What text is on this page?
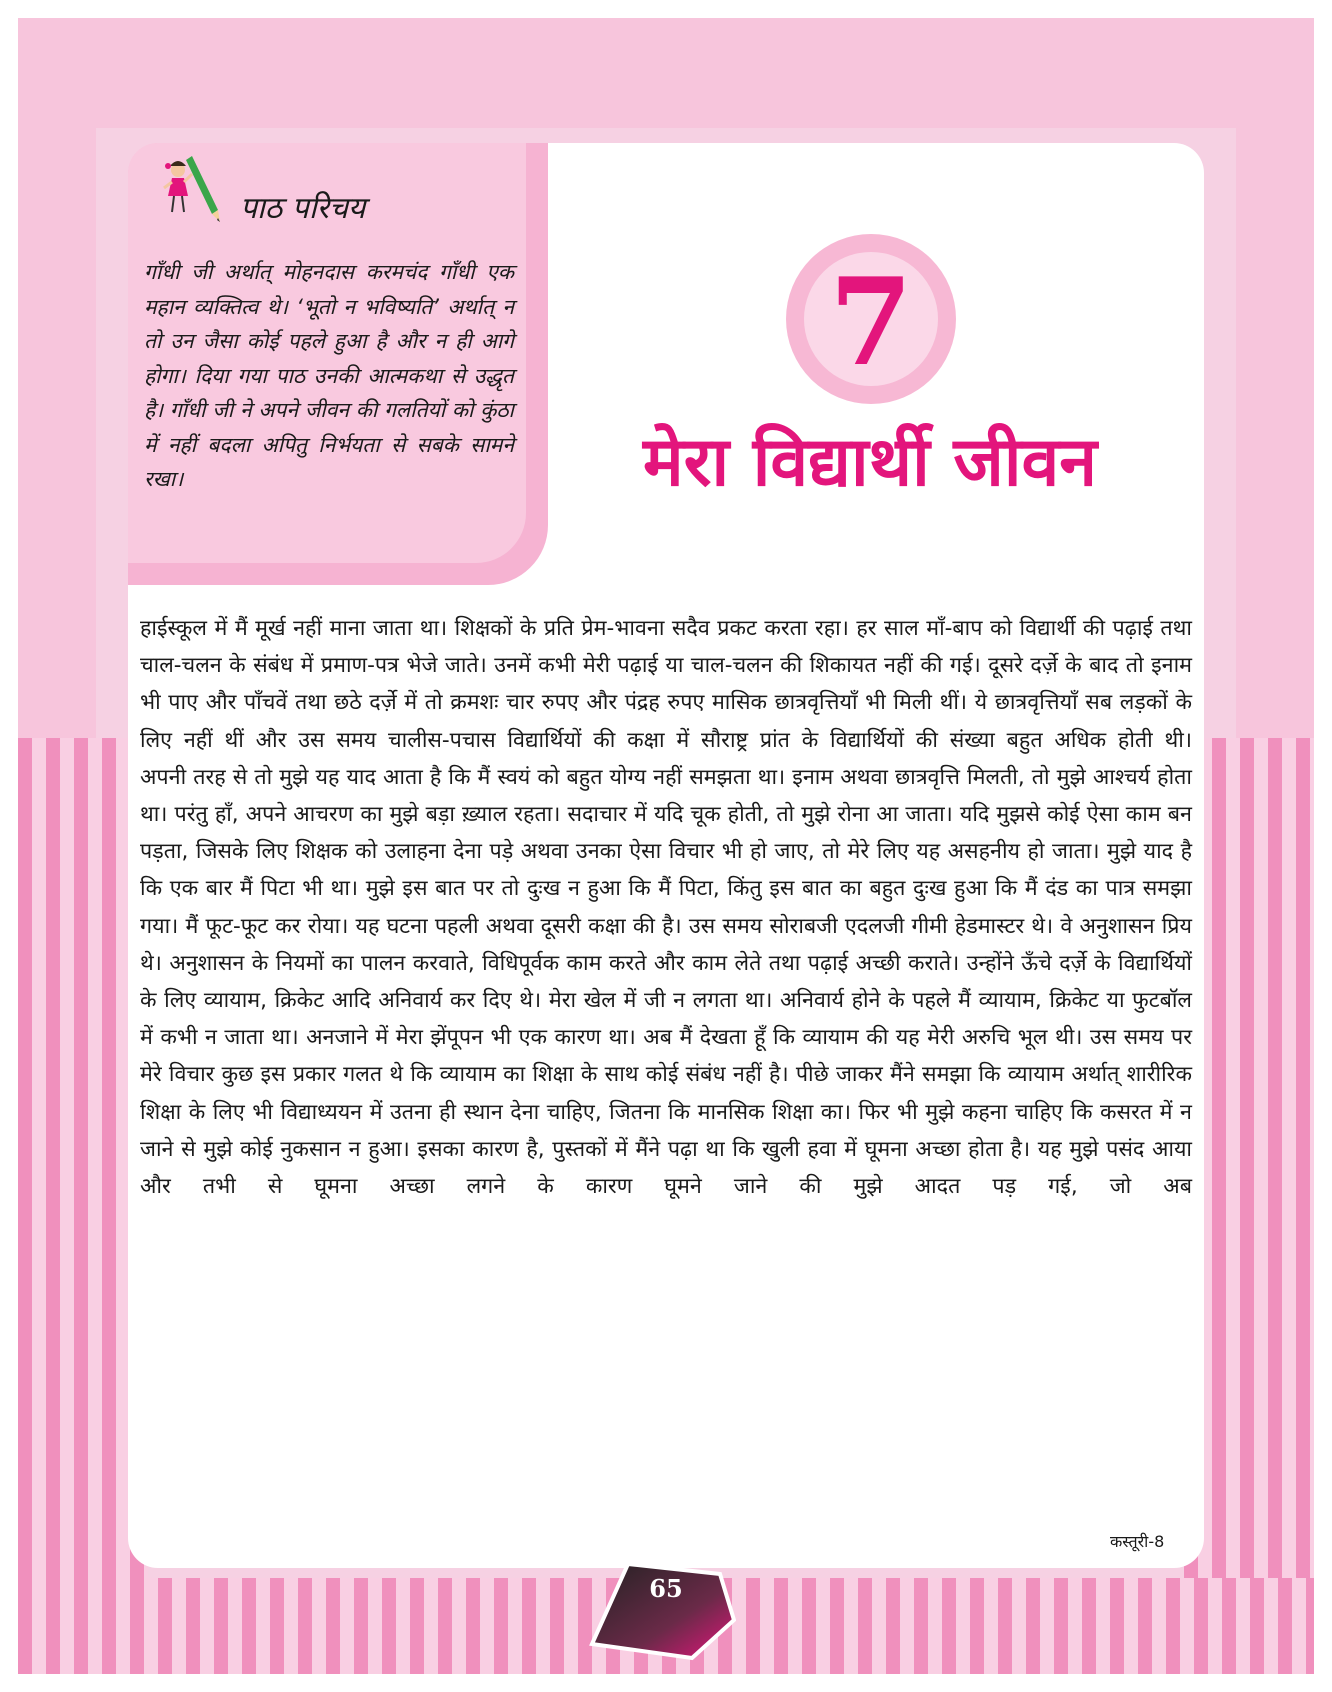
पाठ परिचय

गाँधी जी अर्थात् मोहनदास करमचंद गाँधी एक महान व्यक्तित्व थे। ‘भूतो न भविष्यति’ अर्थात् न तो उन जैसा कोई पहले हुआ है और न ही आगे होगा। दिया गया पाठ उनकी आत्मकथा से उद्धृत है। गाँधी जी ने अपने जीवन की गलतियों को कुंठा में नहीं बदला अपितु निर्भयता से सबके सामने रखा।

7
मेरा विद्यार्थी जीवन

हाईस्कूल में मैं मूर्ख नहीं माना जाता था। शिक्षकों के प्रति प्रेम-भावना सदैव प्रकट करता रहा। हर साल माँ-बाप को विद्यार्थी की पढ़ाई तथा चाल-चलन के संबंध में प्रमाण-पत्र भेजे जाते। उनमें कभी मेरी पढ़ाई या चाल-चलन की शिकायत नहीं की गई। दूसरे दर्ज़े के बाद तो इनाम भी पाए और पाँचवें तथा छठे दर्ज़े में तो क्रमशः चार रुपए और पंद्रह रुपए मासिक छात्रवृत्तियाँ भी मिली थीं। ये छात्रवृत्तियाँ सब लड़कों के लिए नहीं थीं और उस समय चालीस-पचास विद्यार्थियों की कक्षा में सौराष्ट्र प्रांत के विद्यार्थियों की संख्या बहुत अधिक होती थी।

अपनी तरह से तो मुझे यह याद आता है कि मैं स्वयं को बहुत योग्य नहीं समझता था। इनाम अथवा छात्रवृत्ति मिलती, तो मुझे आश्चर्य होता था। परंतु हाँ, अपने आचरण का मुझे बड़ा ख़्याल रहता। सदाचार में यदि चूक होती, तो मुझे रोना आ जाता। यदि मुझसे कोई ऐसा काम बन पड़ता, जिसके लिए शिक्षक को उलाहना देना पड़े अथवा उनका ऐसा विचार भी हो जाए, तो मेरे लिए यह असहनीय हो जाता। मुझे याद है कि एक बार मैं पिटा भी था। मुझे इस बात पर तो दुःख न हुआ कि मैं पिटा, किंतु इस बात का बहुत दुःख हुआ कि मैं दंड का पात्र समझा गया। मैं फूट-फूट कर रोया। यह घटना पहली अथवा दूसरी कक्षा की है। उस समय सोराबजी एदलजी गीमी हेडमास्टर थे। वे अनुशासन प्रिय थे। अनुशासन के नियमों का पालन करवाते, विधिपूर्वक काम करते और काम लेते तथा पढ़ाई अच्छी कराते। उन्होंने ऊँचे दर्ज़े के विद्यार्थियों के लिए व्यायाम, क्रिकेट आदि अनिवार्य कर दिए थे। मेरा खेल में जी न लगता था। अनिवार्य होने के पहले मैं व्यायाम, क्रिकेट या फुटबॉल में कभी न जाता था। अनजाने में मेरा झेंपूपन भी एक कारण था। अब मैं देखता हूँ कि व्यायाम की यह मेरी अरुचि भूल थी। उस समय पर मेरे विचार कुछ इस प्रकार गलत थे कि व्यायाम का शिक्षा के साथ कोई संबंध नहीं है। पीछे जाकर मैंने समझा कि व्यायाम अर्थात् शारीरिक शिक्षा के लिए भी विद्याध्ययन में उतना ही स्थान देना चाहिए, जितना कि मानसिक शिक्षा का। फिर भी मुझे कहना चाहिए कि कसरत में न जाने से मुझे कोई नुकसान न हुआ। इसका कारण है, पुस्तकों में मैंने पढ़ा था कि खुली हवा में घूमना अच्छा होता है। यह मुझे पसंद आया और तभी से घूमना अच्छा लगने के कारण घूमने जाने की मुझे आदत पड़ गई, जो अब

कस्तूरी-8
65
